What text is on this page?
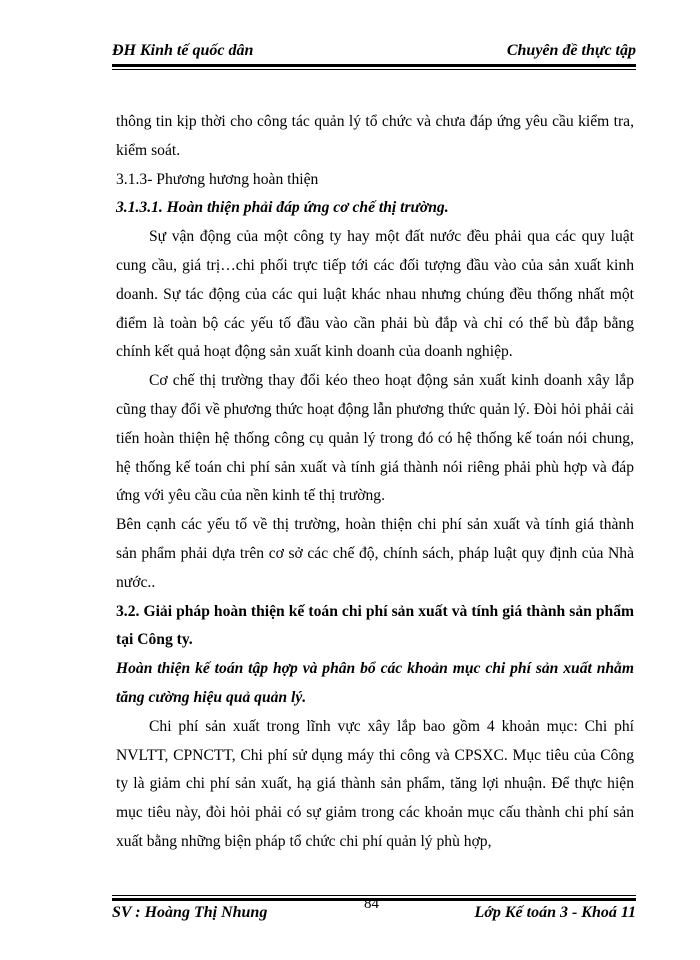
ĐH Kinh tế quốc dân	Chuyên đề thực tập

thông tin kịp thời cho công tác quản lý tổ chức và chưa đáp ứng yêu cầu kiểm tra, kiểm soát.

3.1.3- Phương hương hoàn thiện

3.1.3.1. Hoàn thiện phải đáp ứng cơ chế thị trường.

Sự vận động của một công ty hay một đất nước đều phải qua các quy luật cung cầu, giá trị…chi phối trực tiếp tới các đối tượng đầu vào của sản xuất kinh doanh. Sự tác động của các qui luật khác nhau nhưng chúng đều thống nhất một điểm là toàn bộ các yếu tố đầu vào cần phải bù đắp và chỉ có thể bù đắp bằng chính kết quả hoạt động sản xuất kinh doanh của doanh nghiệp.

Cơ chế thị trường thay đổi kéo theo hoạt động sản xuất kinh doanh xây lắp cũng thay đổi về phương thức hoạt động lẫn phương thức quản lý. Đòi hỏi phải cải tiến hoàn thiện hệ thống công cụ quản lý trong đó có hệ thống kế toán nói chung, hệ thống kế toán chi phí sản xuất và tính giá thành nói riêng phải phù hợp và đáp ứng với yêu cầu của nền kinh tế thị trường.

Bên cạnh các yếu tố về thị trường, hoàn thiện chi phí sản xuất và tính giá thành sản phẩm phải dựa trên cơ sở các chế độ, chính sách, pháp luật quy định của Nhà nước..

3.2. Giải pháp hoàn thiện kế toán chi phí sản xuất và tính giá thành sản phẩm tại Công ty.

Hoàn thiện kế toán tập hợp và phân bổ các khoản mục chi phí sản xuất nhằm tăng cường hiệu quả quản lý.

Chi phí sản xuất trong lĩnh vực xây lắp bao gồm 4 khoản mục: Chi phí NVLTT, CPNCTT, Chi phí sử dụng máy thi công và CPSXC. Mục tiêu của Công ty là giảm chi phí sản xuất, hạ giá thành sản phẩm, tăng lợi nhuận. Để thực hiện mục tiêu này, đòi hỏi phải có sự giảm trong các khoản mục cấu thành chi phí sản xuất bằng những biện pháp tổ chức chi phí quản lý phù hợp,

SV : Hoàng Thị Nhung	84	Lớp Kế toán 3 - Khoá 11
